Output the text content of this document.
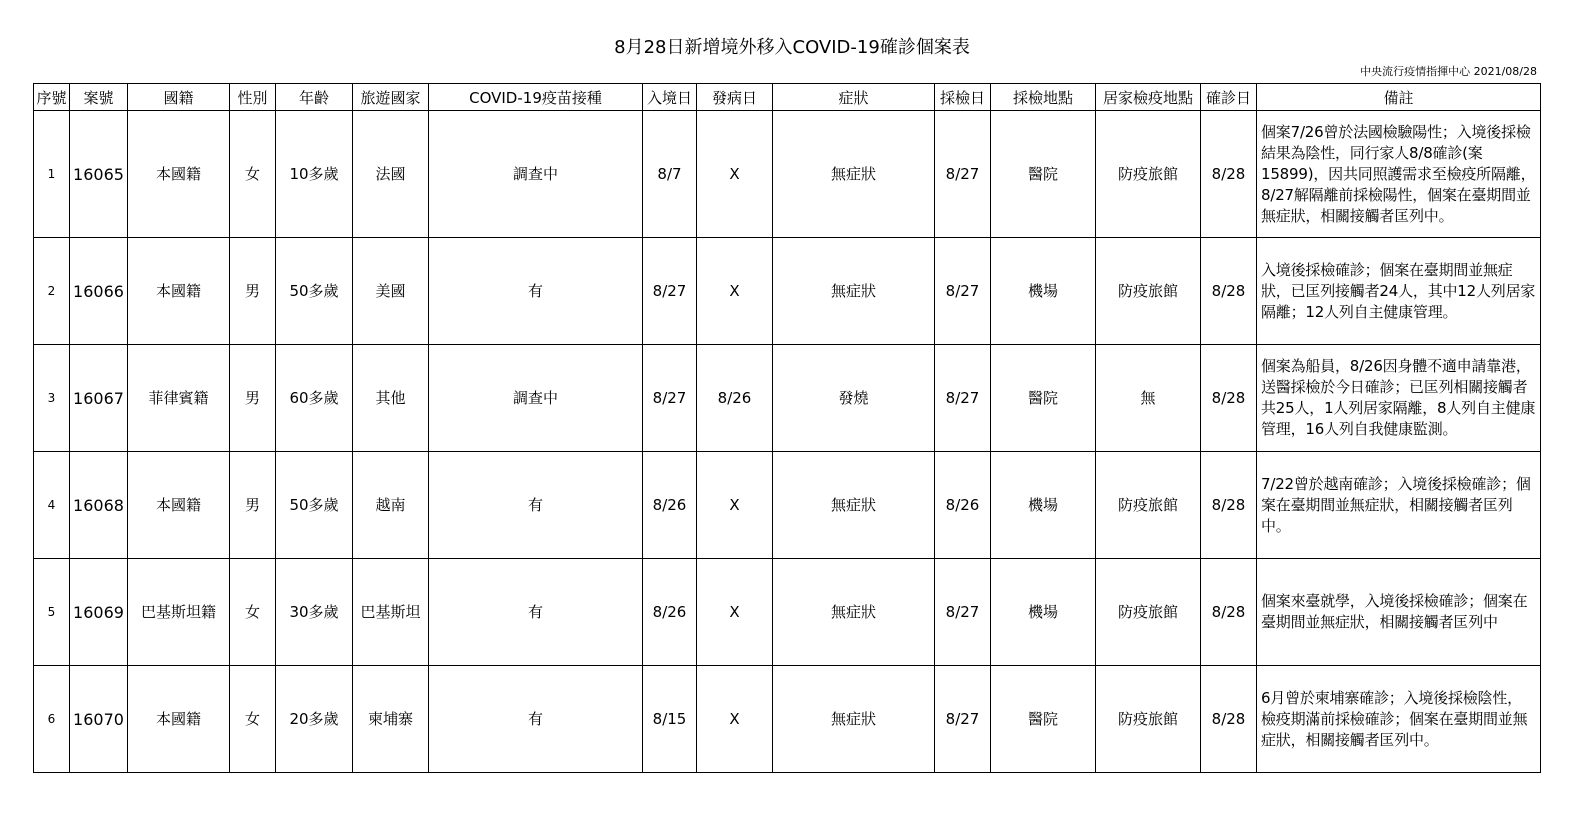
8月28日新增境外移入COVID-19確診個案表
中央流行疫情指揮中心 2021/08/28
序號	案號	國籍	性別	年齡	旅遊國家	COVID-19疫苗接種	入境日	發病日	症狀	採檢日	採檢地點	居家檢疫地點	確診日	備註
1	16065	本國籍	女	10多歲	法國	調查中	8/7	X	無症狀	8/27	醫院	防疫旅館	8/28	個案7/26曾於法國檢驗陽性；入境後採檢結果為陰性，同行家人8/8確診(案15899)，因共同照護需求至檢疫所隔離，8/27解隔離前採檢陽性，個案在臺期間並無症狀，相關接觸者匡列中。
2	16066	本國籍	男	50多歲	美國	有	8/27	X	無症狀	8/27	機場	防疫旅館	8/28	入境後採檢確診；個案在臺期間並無症狀，已匡列接觸者24人，其中12人列居家隔離；12人列自主健康管理。
3	16067	菲律賓籍	男	60多歲	其他	調查中	8/27	8/26	發燒	8/27	醫院	無	8/28	個案為船員，8/26因身體不適申請靠港，送醫採檢於今日確診；已匡列相關接觸者共25人，1人列居家隔離，8人列自主健康管理，16人列自我健康監測。
4	16068	本國籍	男	50多歲	越南	有	8/26	X	無症狀	8/26	機場	防疫旅館	8/28	7/22曾於越南確診；入境後採檢確診；個案在臺期間並無症狀，相關接觸者匡列中。
5	16069	巴基斯坦籍	女	30多歲	巴基斯坦	有	8/26	X	無症狀	8/27	機場	防疫旅館	8/28	個案來臺就學，入境後採檢確診；個案在臺期間並無症狀，相關接觸者匡列中
6	16070	本國籍	女	20多歲	柬埔寨	有	8/15	X	無症狀	8/27	醫院	防疫旅館	8/28	6月曾於柬埔寨確診；入境後採檢陰性，檢疫期滿前採檢確診；個案在臺期間並無症狀，相關接觸者匡列中。
